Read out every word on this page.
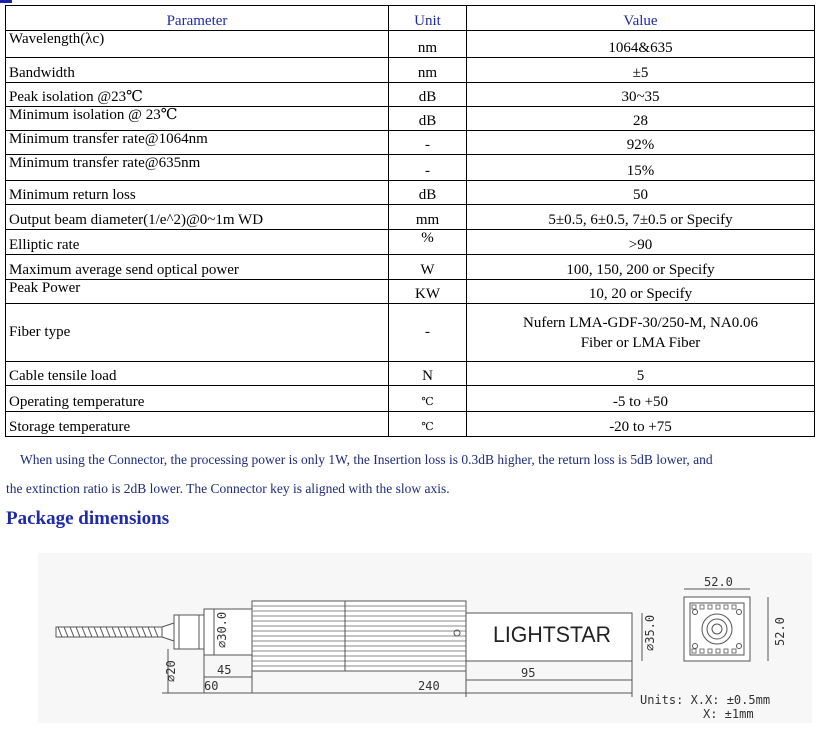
Parameter	Unit	Value
Wavelength(λc)	nm	1064&635
Bandwidth	nm	±5
Peak isolation @23℃	dB	30~35
Minimum isolation @ 23℃	dB	28
Minimum transfer rate@1064nm	-	92%
Minimum transfer rate@635nm	-	15%
Minimum return loss	dB	50
Output beam diameter(1/e^2)@0~1m WD	mm	5±0.5, 6±0.5, 7±0.5 or Specify
Elliptic rate	%	>90
Maximum average send optical power	W	100, 150, 200 or Specify
Peak Power	KW	10, 20 or Specify
Fiber type	-	Nufern LMA-GDF-30/250-M, NA0.06
Fiber or LMA Fiber

Cable tensile load	N	5
Operating temperature	℃	-5 to +50
Storage temperature	℃	-20 to +75
When using the Connector, the processing power is only 1W, the Insertion loss is 0.3dB higher, the return loss is 5dB lower, and
the extinction ratio is 2dB lower. The Connector key is aligned with the slow axis.
Package dimensions
LIGHTSTAR
⌀20
⌀30.0	⌀35.0
45
60	240
95
52.0
52.0
Units: X.X: ±0.5mm
X: ±1mm
